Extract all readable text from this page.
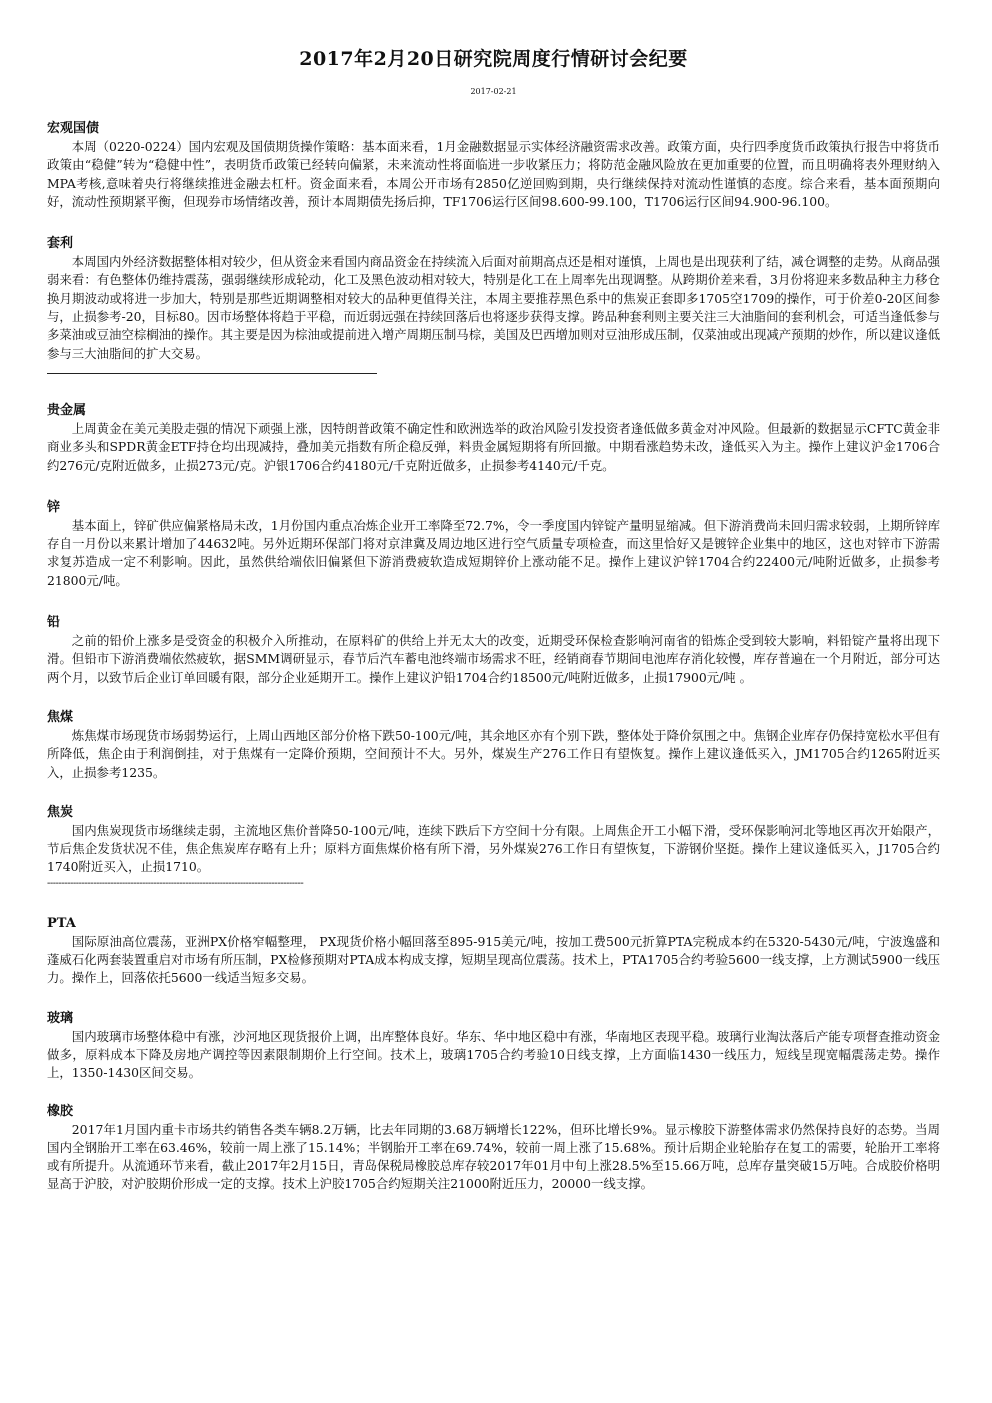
2017年2月20日研究院周度行情研讨会纪要
2017-02-21
宏观国债

本周（0220-0224）国内宏观及国债期货操作策略：基本面来看，1月金融数据显示实体经济融资需求改善。政策方面，央行四季度货币政策执行报告中将货币政策由“稳健”转为“稳健中性”，表明货币政策已经转向偏紧，未来流动性将面临进一步收紧压力；将防范金融风险放在更加重要的位置，而且明确将表外理财纳入MPA考核,意味着央行将继续推进金融去杠杆。资金面来看，本周公开市场有2850亿逆回购到期，央行继续保持对流动性谨慎的态度。综合来看，基本面预期向好，流动性预期紧平衡，但现券市场情绪改善，预计本周期债先扬后抑，TF1706运行区间98.600-99.100，T1706运行区间94.900-96.100。

套利

本周国内外经济数据整体相对较少，但从资金来看国内商品资金在持续流入后面对前期高点还是相对谨慎，上周也是出现获利了结，减仓调整的走势。从商品强弱来看：有色整体仍维持震荡，强弱继续形成轮动，化工及黑色波动相对较大，特别是化工在上周率先出现调整。从跨期价差来看，3月份将迎来多数品种主力移仓换月期波动或将进一步加大，特别是那些近期调整相对较大的品种更值得关注，本周主要推荐黑色系中的焦炭正套即多1705空1709的操作，可于价差0-20区间参与，止损参考-20，目标80。因市场整体将趋于平稳，而近弱远强在持续回落后也将逐步获得支撑。跨品种套利则主要关注三大油脂间的套利机会，可适当逢低参与多菜油或豆油空棕榈油的操作。其主要是因为棕油或提前进入增产周期压制马棕，美国及巴西增加则对豆油形成压制，仅菜油或出现减产预期的炒作，所以建议逢低参与三大油脂间的扩大交易。

贵金属

上周黄金在美元美股走强的情况下顽强上涨，因特朗普政策不确定性和欧洲选举的政治风险引发投资者逢低做多黄金对冲风险。但最新的数据显示CFTC黄金非商业多头和SPDR黄金ETF持仓均出现减持，叠加美元指数有所企稳反弹，料贵金属短期将有所回撤。中期看涨趋势未改，逢低买入为主。操作上建议沪金1706合约276元/克附近做多，止损273元/克。沪银1706合约4180元/千克附近做多，止损参考4140元/千克。

锌

基本面上，锌矿供应偏紧格局未改，1月份国内重点冶炼企业开工率降至72.7%，令一季度国内锌锭产量明显缩减。但下游消费尚未回归需求较弱，上期所锌库存自一月份以来累计增加了44632吨。另外近期环保部门将对京津冀及周边地区进行空气质量专项检查，而这里恰好又是镀锌企业集中的地区，这也对锌市下游需求复苏造成一定不利影响。因此，虽然供给端依旧偏紧但下游消费疲软造成短期锌价上涨动能不足。操作上建议沪锌1704合约22400元/吨附近做多，止损参考21800元/吨。

铅

之前的铅价上涨多是受资金的积极介入所推动，在原料矿的供给上并无太大的改变，近期受环保检查影响河南省的铅炼企受到较大影响，料铅锭产量将出现下滑。但铅市下游消费端依然疲软，据SMM调研显示，春节后汽车蓄电池终端市场需求不旺，经销商春节期间电池库存消化较慢，库存普遍在一个月附近，部分可达两个月，以致节后企业订单回暖有限，部分企业延期开工。操作上建议沪铅1704合约18500元/吨附近做多，止损17900元/吨 。

焦煤

炼焦煤市场现货市场弱势运行，上周山西地区部分价格下跌50-100元/吨，其余地区亦有个别下跌，整体处于降价氛围之中。焦钢企业库存仍保持宽松水平但有所降低，焦企由于利润倒挂，对于焦煤有一定降价预期，空间预计不大。另外，煤炭生产276工作日有望恢复。操作上建议逢低买入，JM1705合约1265附近买入，止损参考1235。

焦炭

国内焦炭现货市场继续走弱，主流地区焦价普降50-100元/吨，连续下跌后下方空间十分有限。上周焦企开工小幅下滑，受环保影响河北等地区再次开始限产，节后焦企发货状况不佳，焦企焦炭库存略有上升；原料方面焦煤价格有所下滑，另外煤炭276工作日有望恢复，下游钢价坚挺。操作上建议逢低买入，J1705合约1740附近买入，止损1710。

-----------------------------------------------------------------------------------------
PTA

国际原油高位震荡，亚洲PX价格窄幅整理， PX现货价格小幅回落至895-915美元/吨，按加工费500元折算PTA完税成本约在5320-5430元/吨，宁波逸盛和蓬威石化两套装置重启对市场有所压制，PX检修预期对PTA成本构成支撑，短期呈现高位震荡。技术上，PTA1705合约考验5600一线支撑，上方测试5900一线压力。操作上，回落依托5600一线适当短多交易。

玻璃

国内玻璃市场整体稳中有涨，沙河地区现货报价上调，出库整体良好。华东、华中地区稳中有涨，华南地区表现平稳。玻璃行业淘汰落后产能专项督查推动资金做多，原料成本下降及房地产调控等因素限制期价上行空间。技术上，玻璃1705合约考验10日线支撑，上方面临1430一线压力，短线呈现宽幅震荡走势。操作上，1350-1430区间交易。

橡胶

2017年1月国内重卡市场共约销售各类车辆8.2万辆，比去年同期的3.68万辆增长122%，但环比增长9%。显示橡胶下游整体需求仍然保持良好的态势。当周国内全钢胎开工率在63.46%，较前一周上涨了15.14%；半钢胎开工率在69.74%，较前一周上涨了15.68%。预计后期企业轮胎存在复工的需要，轮胎开工率将或有所提升。从流通环节来看，截止2017年2月15日，青岛保税局橡胶总库存较2017年01月中旬上涨28.5%至15.66万吨，总库存量突破15万吨。合成胶价格明显高于沪胶，对沪胶期价形成一定的支撑。技术上沪胶1705合约短期关注21000附近压力，20000一线支撑。
